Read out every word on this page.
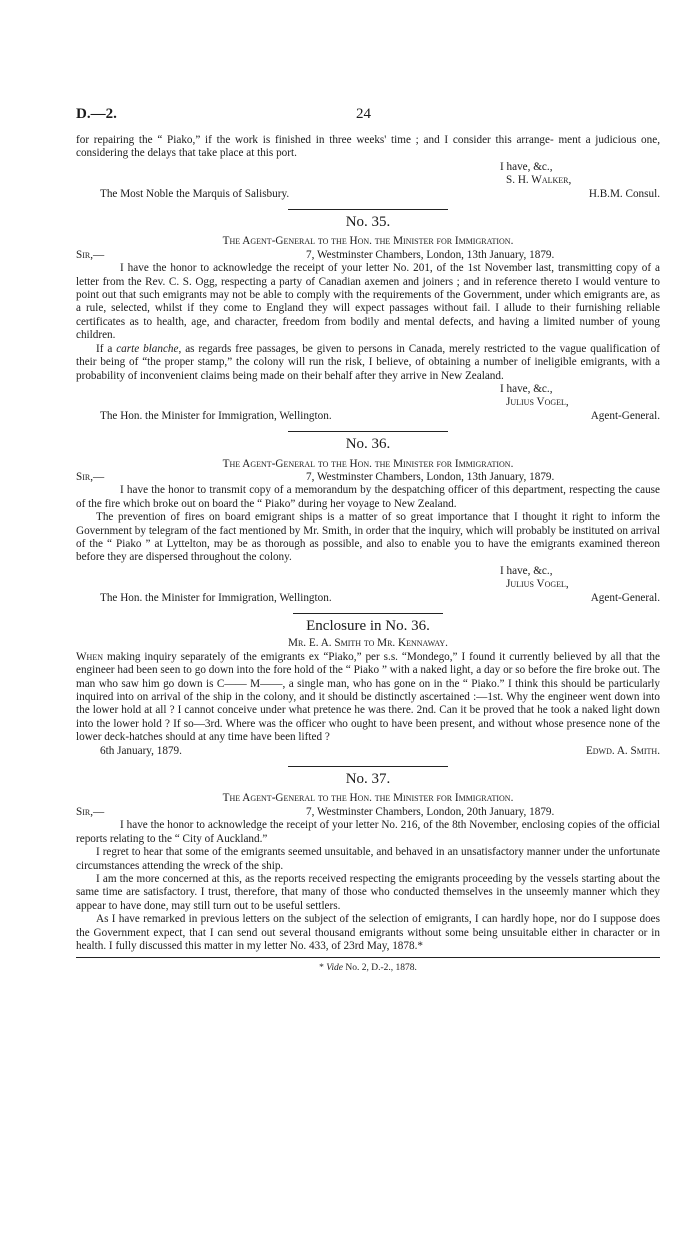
D.—2.	24

for repairing the “ Piako,” if the work is finished in three weeks' time ; and I consider this arrange- ment a judicious one, considering the delays that take place at this port.

I have, &c.,

S. H. Walker,

The Most Noble the Marquis of Salisbury.	H.B.M. Consul.
No. 35.
The Agent-General to the Hon. the Minister for Immigration.
Sir,—	7, Westminster Chambers, London, 13th January, 1879.

I have the honor to acknowledge the receipt of your letter No. 201, of the 1st November last, transmitting copy of a letter from the Rev. C. S. Ogg, respecting a party of Canadian axemen and joiners ; and in reference thereto I would venture to point out that such emigrants may not be able to comply with the requirements of the Government, under which emigrants are, as a rule, selected, whilst if they come to England they will expect passages without fail. I allude to their furnishing reliable certificates as to health, age, and character, freedom from bodily and mental defects, and having a limited number of young children.

If a carte blanche, as regards free passages, be given to persons in Canada, merely restricted to the vague qualification of their being of “the proper stamp,” the colony will run the risk, I believe, of obtaining a number of ineligible emigrants, with a probability of inconvenient claims being made on their behalf after they arrive in New Zealand.

I have, &c.,

Julius Vogel,

The Hon. the Minister for Immigration, Wellington.	Agent-General.
No. 36.
The Agent-General to the Hon. the Minister for Immigration.
Sir,—	7, Westminster Chambers, London, 13th January, 1879.

I have the honor to transmit copy of a memorandum by the despatching officer of this department, respecting the cause of the fire which broke out on board the “ Piako” during her voyage to New Zealand.

The prevention of fires on board emigrant ships is a matter of so great importance that I thought it right to inform the Government by telegram of the fact mentioned by Mr. Smith, in order that the inquiry, which will probably be instituted on arrival of the “ Piako ” at Lyttelton, may be as thorough as possible, and also to enable you to have the emigrants examined thereon before they are dispersed throughout the colony.

I have, &c.,

Julius Vogel,

The Hon. the Minister for Immigration, Wellington.	Agent-General.
Enclosure in No. 36.
Mr. E. A. Smith to Mr. Kennaway.

When making inquiry separately of the emigrants ex “Piako,” per s.s. “Mondego,” I found it currently believed by all that the engineer had been seen to go down into the fore hold of the “ Piako ” with a naked light, a day or so before the fire broke out. The man who saw him go down is C—— M——, a single man, who has gone on in the “ Piako.” I think this should be particularly inquired into on arrival of the ship in the colony, and it should be distinctly ascertained :—1st. Why the engineer went down into the lower hold at all ? I cannot conceive under what pretence he was there. 2nd. Can it be proved that he took a naked light down into the lower hold ? If so—3rd. Where was the officer who ought to have been present, and without whose presence none of the lower deck-hatches should at any time have been lifted ?

6th January, 1879.	Edwd. A. Smith.
No. 37.
The Agent-General to the Hon. the Minister for Immigration.
Sir,—	7, Westminster Chambers, London, 20th January, 1879.

I have the honor to acknowledge the receipt of your letter No. 216, of the 8th November, enclosing copies of the official reports relating to the “ City of Auckland.”

I regret to hear that some of the emigrants seemed unsuitable, and behaved in an unsatisfactory manner under the unfortunate circumstances attending the wreck of the ship.

I am the more concerned at this, as the reports received respecting the emigrants proceeding by the vessels starting about the same time are satisfactory. I trust, therefore, that many of those who conducted themselves in the unseemly manner which they appear to have done, may still turn out to be useful settlers.

As I have remarked in previous letters on the subject of the selection of emigrants, I can hardly hope, nor do I suppose does the Government expect, that I can send out several thousand emigrants without some being unsuitable either in character or in health. I fully discussed this matter in my letter No. 433, of 23rd May, 1878.*

* Vide No. 2, D.-2., 1878.
